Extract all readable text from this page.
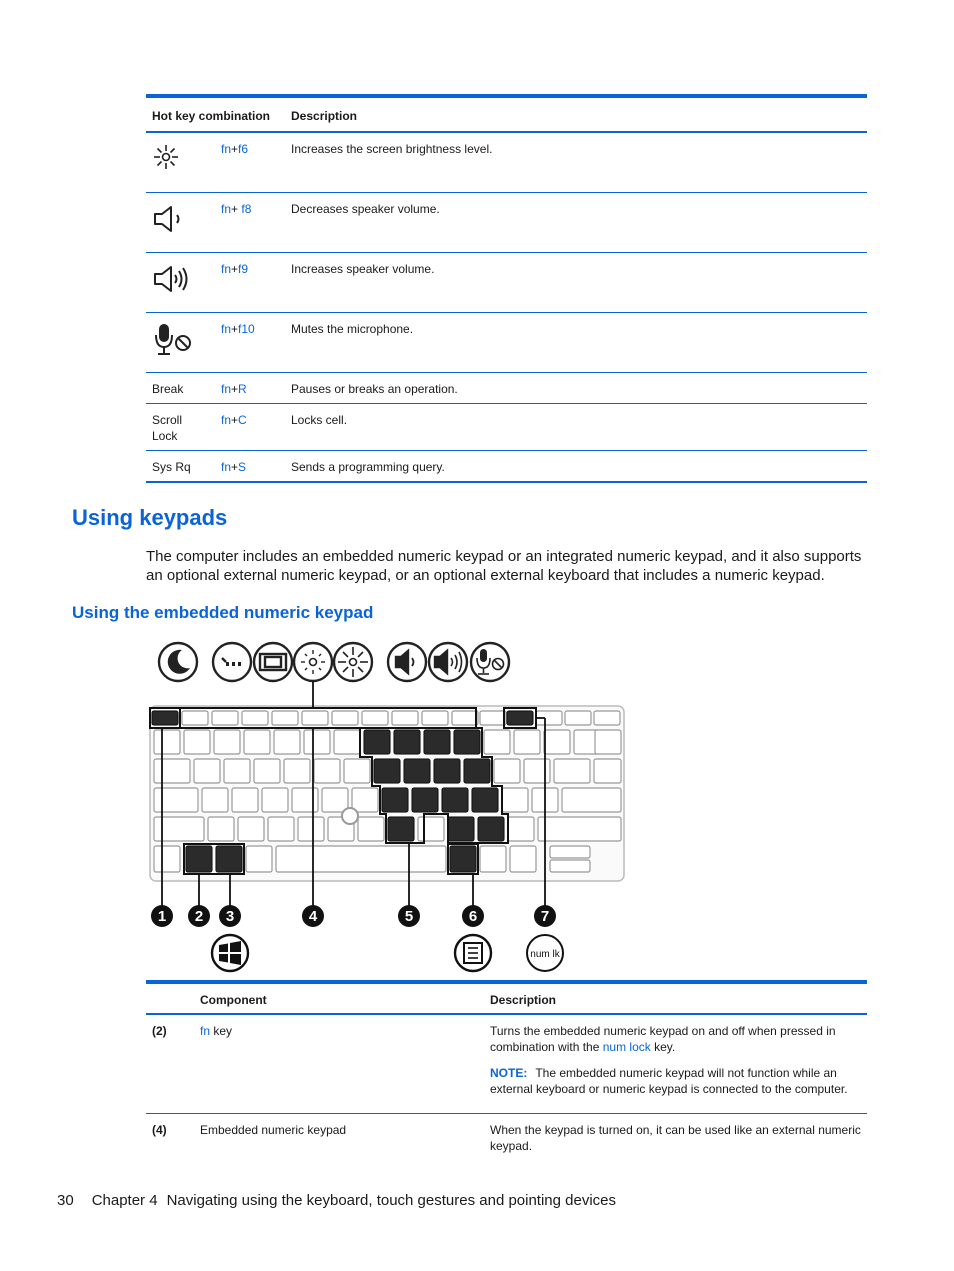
Hot key combination		Description

	fn+f6	Increases the screen brightness level.

	fn+ f8	Decreases speaker volume.

	fn+f9	Increases speaker volume.

	fn+f10	Mutes the microphone.
Break	fn+R	Pauses or breaks an operation.
Scroll Lock	fn+C	Locks cell.
Sys Rq	fn+S	Sends a programming query.
Using keypads

The computer includes an embedded numeric keypad or an integrated numeric keypad, and it also supports an optional external numeric keypad, or an optional external keyboard that includes a numeric keypad.

Using the embedded numeric keypad
1 2 3	4	5	6	7
num lk
	Component	Description
(2)	fn key	Turns the embedded numeric keypad on and off when pressed in combination with the num lock key.

NOTE: The embedded numeric keypad will not function while an external keyboard or numeric keypad is connected to the computer.

(4)	Embedded numeric keypad	When the keypad is turned on, it can be used like an external numeric keypad.
30 Chapter 4 Navigating using the keyboard, touch gestures and pointing devices
